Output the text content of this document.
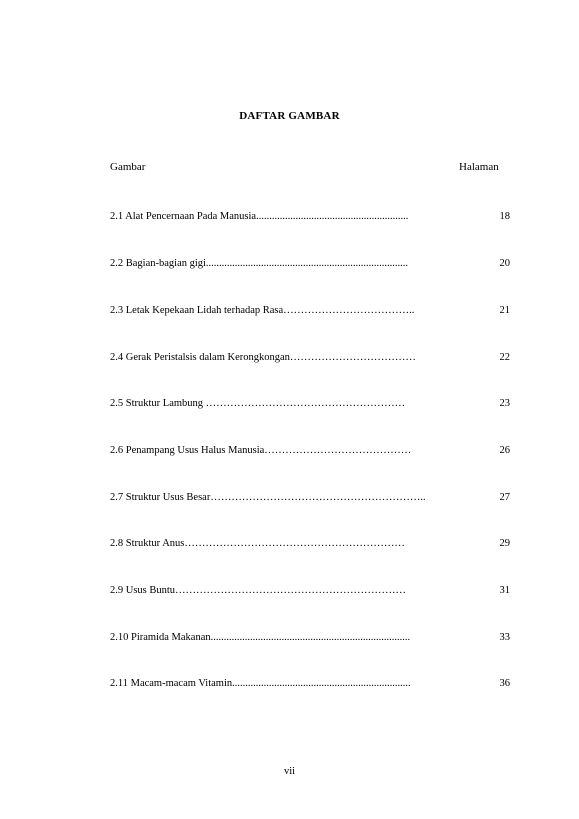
DAFTAR GAMBAR
Gambar	Halaman
2.1 Alat Pencernaan Pada Manusia..........................................................	18
2.2 Bagian-bagian gigi.............................................................................	20
2.3 Letak Kepekaan Lidah terhadap Rasa………………………………..	21
2.4 Gerak Peristalsis dalam Kerongkongan………………………………	22
2.5 Struktur Lambung …………………………………………………	23
2.6 Penampang Usus Halus Manusia……………………………………	26
2.7 Struktur Usus Besar……………………………………………………..	27
2.8 Struktur Anus………………………………………………………	29
2.9 Usus Buntu…………………………………………………………	31
2.10 Piramida Makanan............................................................................	33
2.11 Macam-macam Vitamin....................................................................	36
vii
